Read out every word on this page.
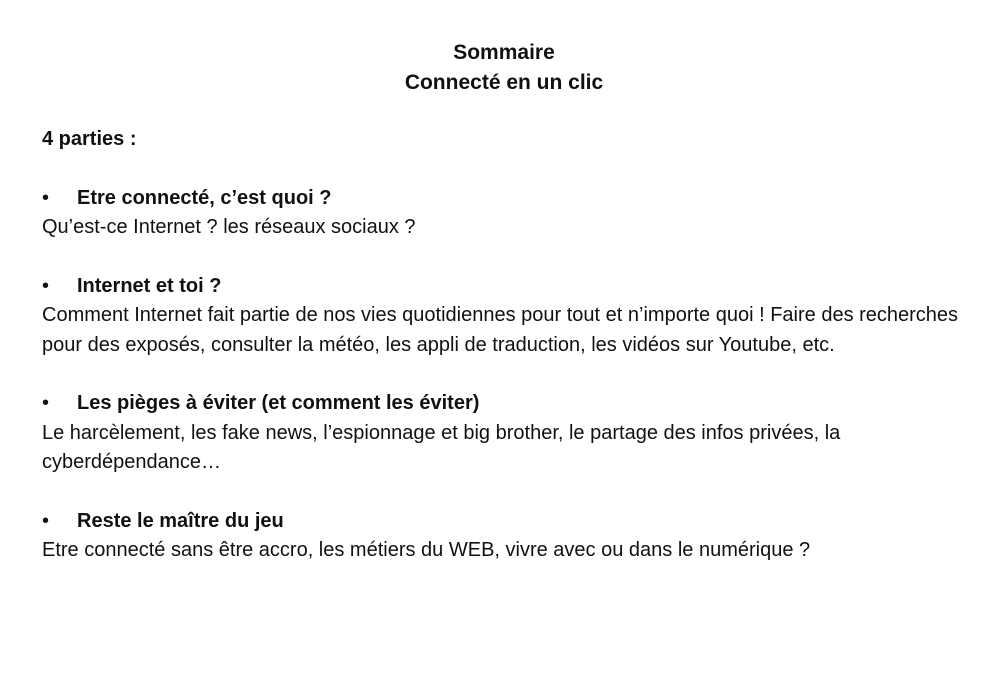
Sommaire
Connecté en un clic
4 parties :
•	Etre connecté, c’est quoi ?
Qu’est-ce Internet ? les réseaux sociaux ?
•	Internet et toi ?
Comment Internet fait partie de nos vies quotidiennes pour tout et n’importe quoi ! Faire des recherches pour des exposés, consulter la météo, les appli de traduction, les vidéos sur Youtube, etc.
•	Les pièges à éviter (et comment les éviter)
Le harcèlement, les fake news, l’espionnage et big brother, le partage des infos privées, la cyberdépendance…
•	Reste le maître du jeu
Etre connecté sans être accro, les métiers du WEB, vivre avec ou dans le numérique ?
